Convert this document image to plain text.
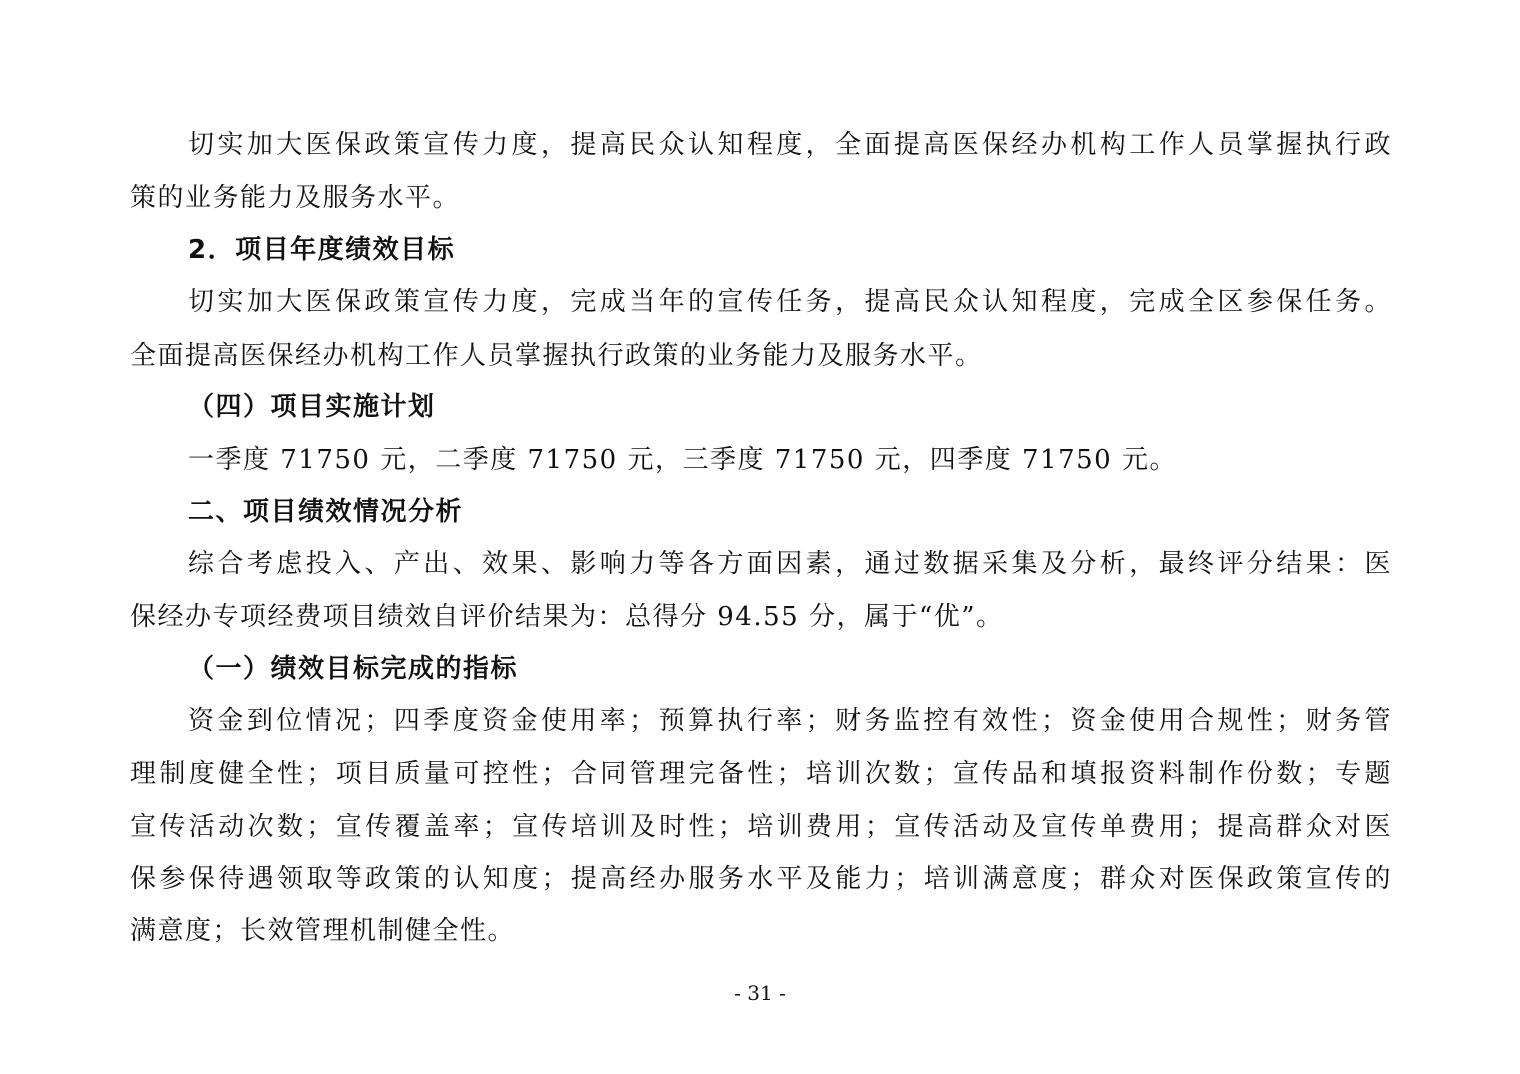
切实加大医保政策宣传力度，提高民众认知程度，全面提高医保经办机构工作人员掌握执行政
策的业务能力及服务水平。
2．项目年度绩效目标
切实加大医保政策宣传力度，完成当年的宣传任务，提高民众认知程度，完成全区参保任务。
全面提高医保经办机构工作人员掌握执行政策的业务能力及服务水平。
（四）项目实施计划
一季度 71750 元，二季度 71750 元，三季度 71750 元，四季度 71750 元。
二、项目绩效情况分析
综合考虑投入、产出、效果、影响力等各方面因素，通过数据采集及分析，最终评分结果：医
保经办专项经费项目绩效自评价结果为：总得分 94.55 分，属于“优”。
（一）绩效目标完成的指标
资金到位情况；四季度资金使用率；预算执行率；财务监控有效性；资金使用合规性；财务管
理制度健全性；项目质量可控性；合同管理完备性；培训次数；宣传品和填报资料制作份数；专题
宣传活动次数；宣传覆盖率；宣传培训及时性；培训费用；宣传活动及宣传单费用；提高群众对医
保参保待遇领取等政策的认知度；提高经办服务水平及能力；培训满意度；群众对医保政策宣传的
满意度；长效管理机制健全性。
- 31 -
